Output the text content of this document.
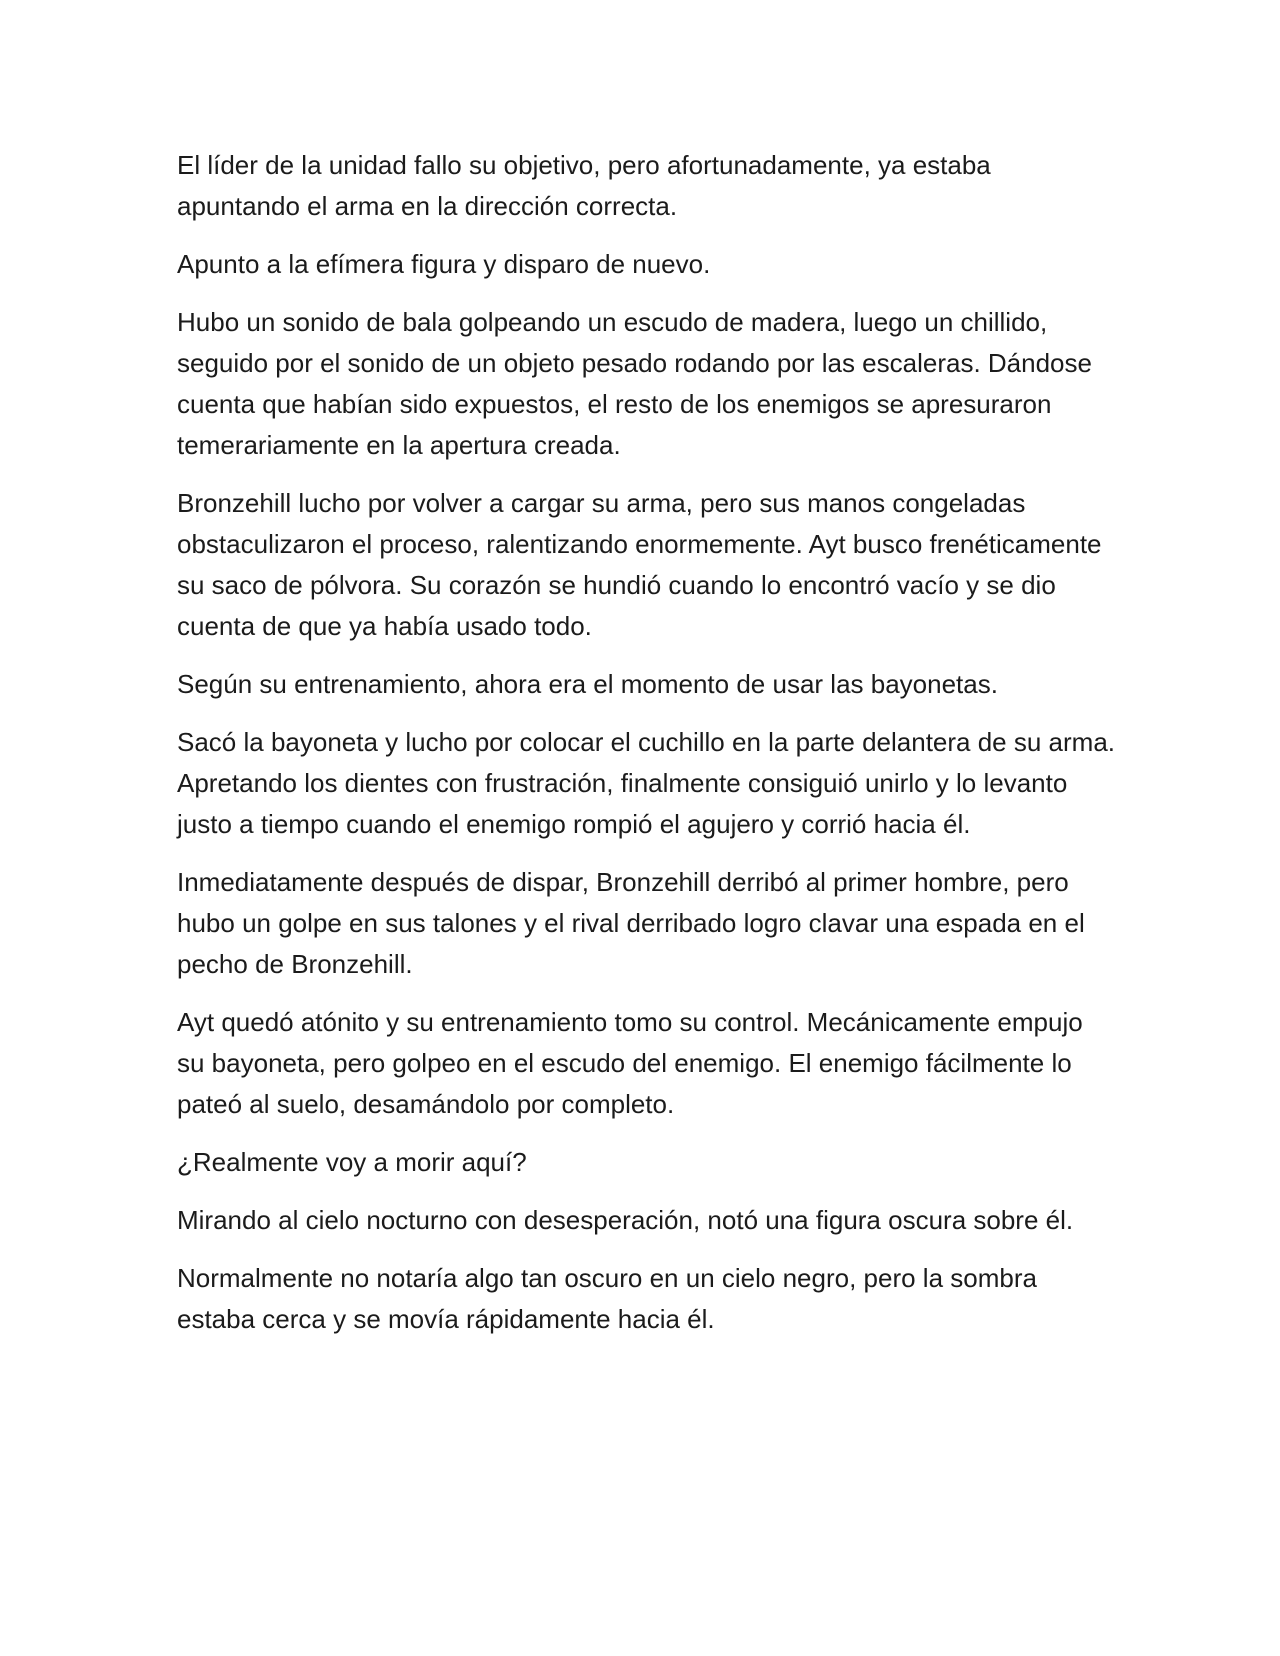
El líder de la unidad fallo su objetivo, pero afortunadamente, ya estaba apuntando el arma en la dirección correcta.

Apunto a la efímera figura y disparo de nuevo.

Hubo un sonido de bala golpeando un escudo de madera, luego un chillido, seguido por el sonido de un objeto pesado rodando por las escaleras. Dándose cuenta que habían sido expuestos, el resto de los enemigos se apresuraron temerariamente en la apertura creada.

Bronzehill lucho por volver a cargar su arma, pero sus manos congeladas obstaculizaron el proceso, ralentizando enormemente. Ayt busco frenéticamente su saco de pólvora. Su corazón se hundió cuando lo encontró vacío y se dio cuenta de que ya había usado todo.

Según su entrenamiento, ahora era el momento de usar las bayonetas.

Sacó la bayoneta y lucho por colocar el cuchillo en la parte delantera de su arma. Apretando los dientes con frustración, finalmente consiguió unirlo y lo levanto justo a tiempo cuando el enemigo rompió el agujero y corrió hacia él.

Inmediatamente después de dispar, Bronzehill derribó al primer hombre, pero hubo un golpe en sus talones y el rival derribado logro clavar una espada en el pecho de Bronzehill.

Ayt quedó atónito y su entrenamiento tomo su control. Mecánicamente empujo su bayoneta, pero golpeo en el escudo del enemigo. El enemigo fácilmente lo pateó al suelo, desamándolo por completo.

¿Realmente voy a morir aquí?

Mirando al cielo nocturno con desesperación, notó una figura oscura sobre él.

Normalmente no notaría algo tan oscuro en un cielo negro, pero la sombra estaba cerca y se movía rápidamente hacia él.
